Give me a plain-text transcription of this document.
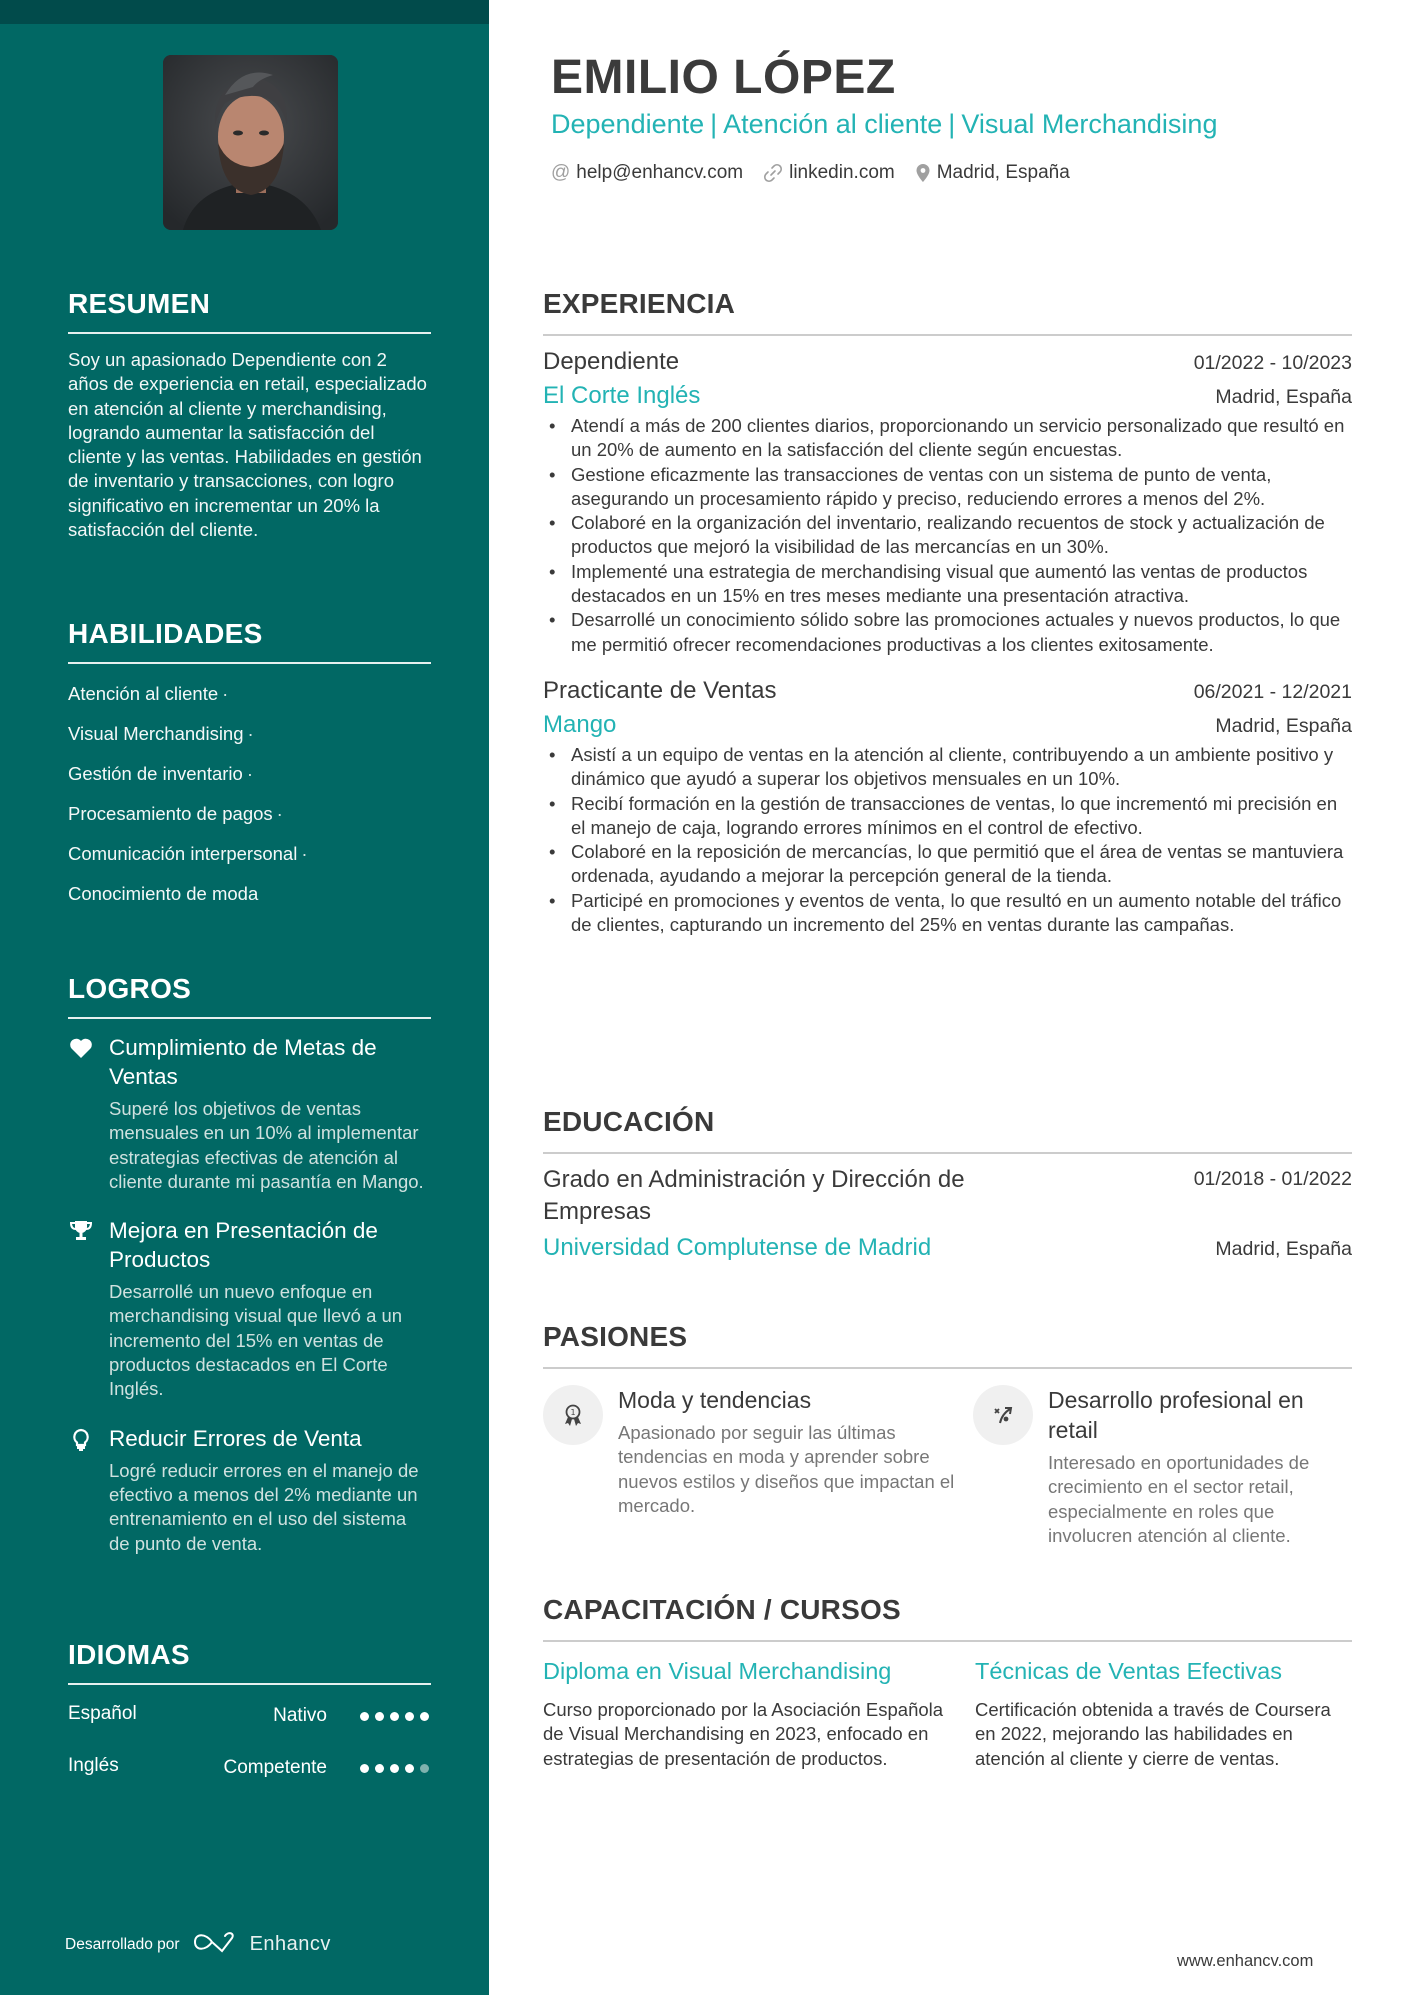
RESUMEN

Soy un apasionado Dependiente con 2 años de experiencia en retail, especializado en atención al cliente y merchandising, logrando aumentar la satisfacción del cliente y las ventas. Habilidades en gestión de inventario y transacciones, con logro significativo en incrementar un 20% la satisfacción del cliente.

HABILIDADES
Atención al cliente ·
Visual Merchandising ·
Gestión de inventario ·
Procesamiento de pagos ·
Comunicación interpersonal ·
Conocimiento de moda
LOGROS
Cumplimiento de Metas de Ventas
Superé los objetivos de ventas mensuales en un 10% al implementar estrategias efectivas de atención al cliente durante mi pasantía en Mango.
Mejora en Presentación de Productos
Desarrollé un nuevo enfoque en merchandising visual que llevó a un incremento del 15% en ventas de productos destacados en El Corte Inglés.
Reducir Errores de Venta
Logré reducir errores en el manejo de efectivo a menos del 2% mediante un entrenamiento en el uso del sistema de punto de venta.
IDIOMAS
Español	Nativo
Inglés	Competente
Desarrollado por	Enhancv
EMILIO LÓPEZ
Dependiente | Atención al cliente | Visual Merchandising
@ help@enhancv.com linkedin.com Madrid, España
EXPERIENCIA
Dependiente	01/2022 - 10/2023
El Corte Inglés	Madrid, España
• Atendí a más de 200 clientes diarios, proporcionando un servicio personalizado que resultó en un 20% de aumento en la satisfacción del cliente según encuestas.
• Gestione eficazmente las transacciones de ventas con un sistema de punto de venta, asegurando un procesamiento rápido y preciso, reduciendo errores a menos del 2%.
• Colaboré en la organización del inventario, realizando recuentos de stock y actualización de productos que mejoró la visibilidad de las mercancías en un 30%.
• Implementé una estrategia de merchandising visual que aumentó las ventas de productos destacados en un 15% en tres meses mediante una presentación atractiva.
• Desarrollé un conocimiento sólido sobre las promociones actuales y nuevos productos, lo que me permitió ofrecer recomendaciones productivas a los clientes exitosamente.
Practicante de Ventas	06/2021 - 12/2021
Mango	Madrid, España
• Asistí a un equipo de ventas en la atención al cliente, contribuyendo a un ambiente positivo y dinámico que ayudó a superar los objetivos mensuales en un 10%.
• Recibí formación en la gestión de transacciones de ventas, lo que incrementó mi precisión en el manejo de caja, logrando errores mínimos en el control de efectivo.
• Colaboré en la reposición de mercancías, lo que permitió que el área de ventas se mantuviera ordenada, ayudando a mejorar la percepción general de la tienda.
• Participé en promociones y eventos de venta, lo que resultó en un aumento notable del tráfico de clientes, capturando un incremento del 25% en ventas durante las campañas.
EDUCACIÓN
Grado en Administración y Dirección de Empresas
01/2018 - 01/2022
Universidad Complutense de Madrid	Madrid, España
PASIONES
1 Moda y tendencias
Apasionado por seguir las últimas tendencias en moda y aprender sobre nuevos estilos y diseños que impactan el mercado.
Desarrollo profesional en retail
Interesado en oportunidades de crecimiento en el sector retail, especialmente en roles que involucren atención al cliente.
CAPACITACIÓN / CURSOS
Diploma en Visual Merchandising
Curso proporcionado por la Asociación Española de Visual Merchandising en 2023, enfocado en estrategias de presentación de productos.
Técnicas de Ventas Efectivas
Certificación obtenida a través de Coursera en 2022, mejorando las habilidades en atención al cliente y cierre de ventas.
www.enhancv.com
